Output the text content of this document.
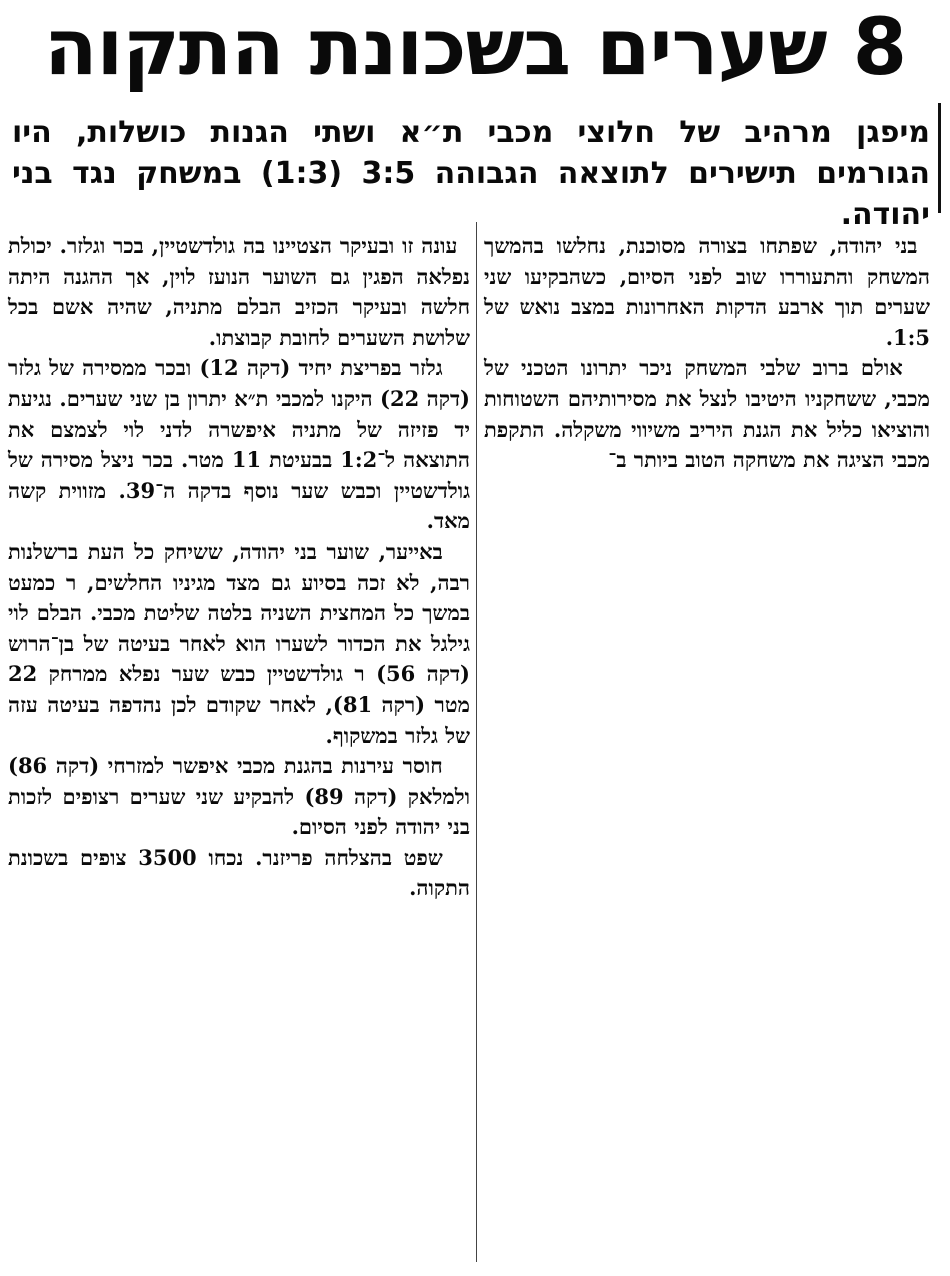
8 שערים בשכונת התקוה

מיפגן מרהיב של חלוצי מכבי ת״א ושתי הגנות כושלות, היו הגורמים תישירים לתוצאה הגבוהה 3:5 (1:3) במשחק נגד בני יהודה.

בני יהודה, שפתחו בצורה מסוכנת, נחלשו בהמשך המשחק והתעוררו שוב לפני הסיום, כשהבקיעו שני שערים תוך ארבע הדקות האחרונות במצב נואש של 1:5.

אולם ברוב שלבי המשחק ניכר יתרונו הטכני של מכבי, ששחקניו היטיבו לנצל את מסירותיהם השטוחות והוציאו כליל את הגנת היריב משיווי משקלה. התקפת מכבי הציגה את משחקה הטוב ביותר ב־

עונה זו ובעיקר הצטיינו בה גולדשטיין, בכר וגלזר. יכולת נפלאה הפגין גם השוער הנועז לוין, אך ההגנה היתה חלשה ובעיקר הכזיב הבלם מתניה, שהיה אשם בכל שלושת השערים לחובת קבוצתו.

גלזר בפריצת יחיד (דקה 12) ובכר ממסירה של גלזר (דקה 22) היקנו למכבי ת״א יתרון בן שני שערים. נגיעת יד פזיזה של מתניה איפשרה לדני לוי לצמצם את התוצאה ל־1:2 בבעיטת 11 מטר. בכר ניצל מסירה של גולדשטיין וכבש שער נוסף בדקה ה־39. מזווית קשה מאד.

באייער, שוער בני יהודה, ששיחק כל העת ברשלנות רבה, לא זכה בסיוע גם מצד מגיניו החלשים, ר כמעט במשך כל המחצית השניה בלטה שליטת מכבי. הבלם לוי גילגל את הכדור לשערו הוא לאחר בעיטה של בן־הרוש (דקה 56) ר גולדשטיין כבש שער נפלא ממרחק 22 מטר (רקה 81), לאחר שקודם לכן נהדפה בעיטה עזה של גלזר במשקוף.

חוסר עירנות בהגנת מכבי איפשר למזרחי (דקה 86) ולמלאק (דקה 89) להבקיע שני שערים רצופים לזכות בני יהודה לפני הסיום.

שפט בהצלחה פריזנר. נכחו 3500 צופים בשכונת התקוה.
